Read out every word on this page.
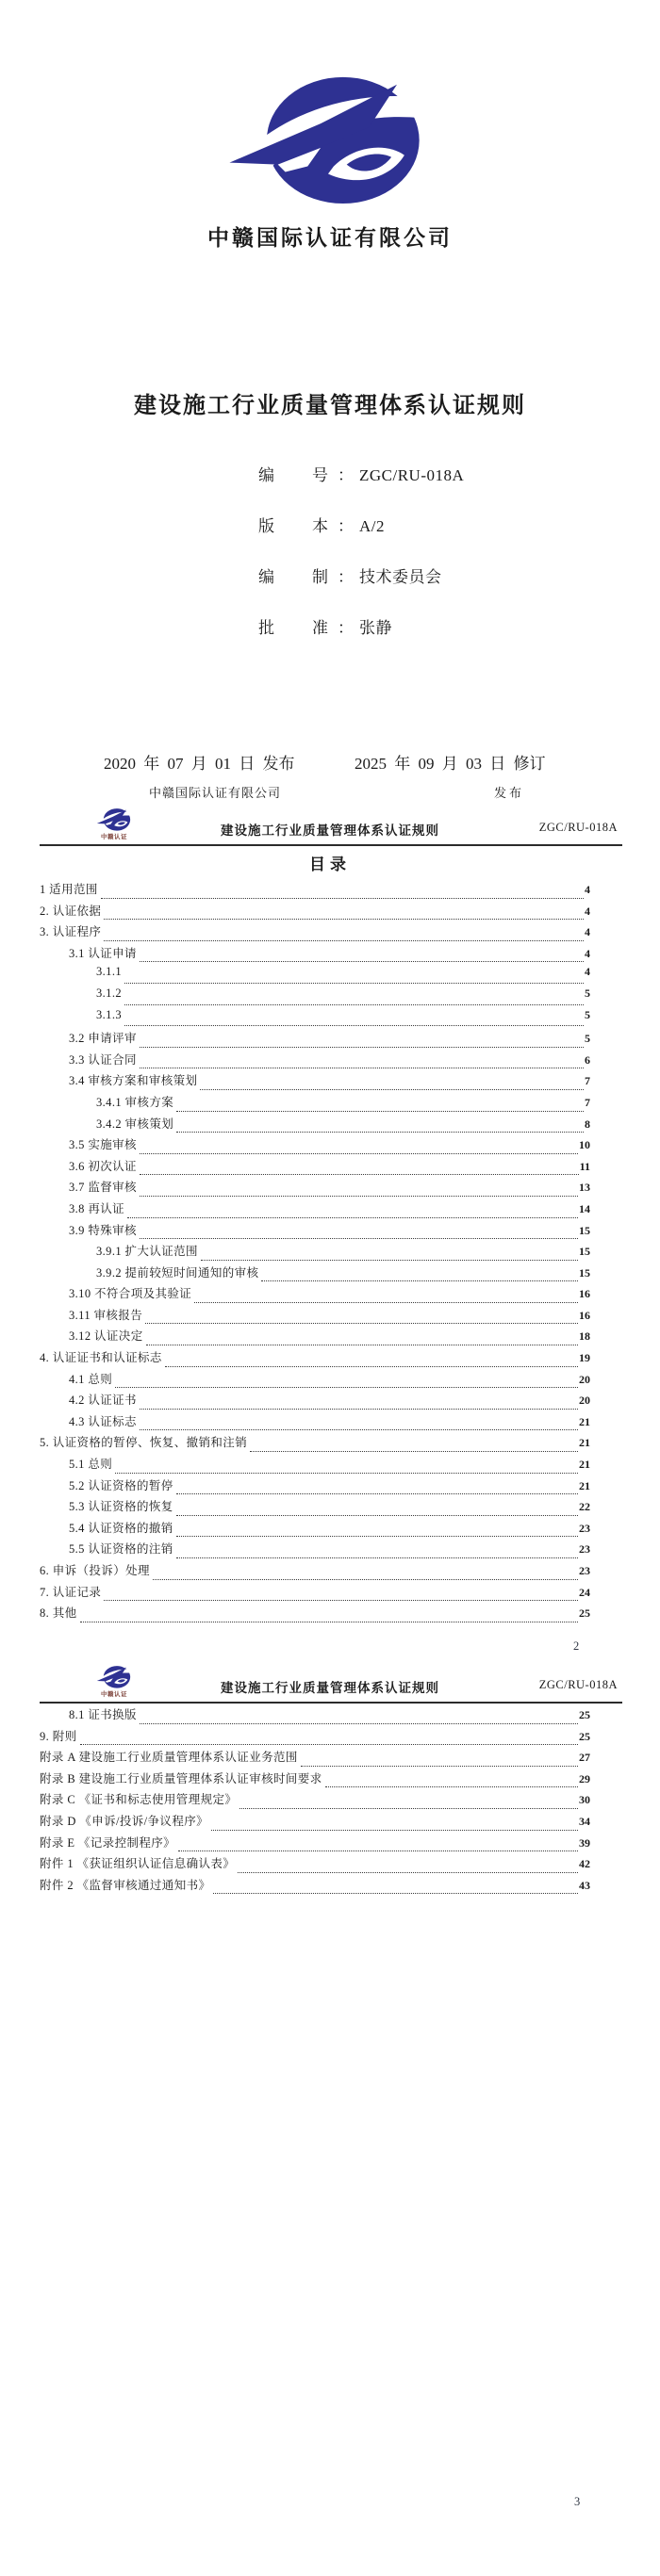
中赣国际认证有限公司
建设施工行业质量管理体系认证规则

编　　号 ： ZGC/RU-018A

版　　本 ： A/2

编　　制 ： 技术委员会

批　　准 ： 张静

2020 年 07 月 01 日 发布	2025 年 09 月 03 日 修订
中赣国际认证有限公司	发布
中赣认证	建设施工行业质量管理体系认证规则	ZGC/RU-018A
目录
1 适用范围	4
2. 认证依据	4
3. 认证程序	4
3.1 认证申请	4
3.1.1	4
3.1.2	5
3.1.3	5
3.2 申请评审	5
3.3 认证合同	6
3.4 审核方案和审核策划	7
3.4.1 审核方案	7
3.4.2 审核策划	8
3.5 实施审核	10
3.6 初次认证	11
3.7 监督审核	13
3.8 再认证	14
3.9 特殊审核	15
3.9.1 扩大认证范围	15
3.9.2 提前较短时间通知的审核	15
3.10 不符合项及其验证	16
3.11 审核报告	16
3.12 认证决定	18
4. 认证证书和认证标志	19
4.1 总则	20
4.2 认证证书	20
4.3 认证标志	21
5. 认证资格的暂停、恢复、撤销和注销	21
5.1 总则	21
5.2 认证资格的暂停	21
5.3 认证资格的恢复	22
5.4 认证资格的撤销	23
5.5 认证资格的注销	23
6. 申诉（投诉）处理	23
7. 认证记录	24
8. 其他	25
2
中赣认证	建设施工行业质量管理体系认证规则	ZGC/RU-018A
8.1 证书换版	25
9. 附则	25
附录 A 建设施工行业质量管理体系认证业务范围	27
附录 B 建设施工行业质量管理体系认证审核时间要求	29
附录 C 《证书和标志使用管理规定》	30
附录 D 《申诉/投诉/争议程序》	34
附录 E 《记录控制程序》	39
附件 1 《获证组织认证信息确认表》	42
附件 2 《监督审核通过通知书》	43
3
